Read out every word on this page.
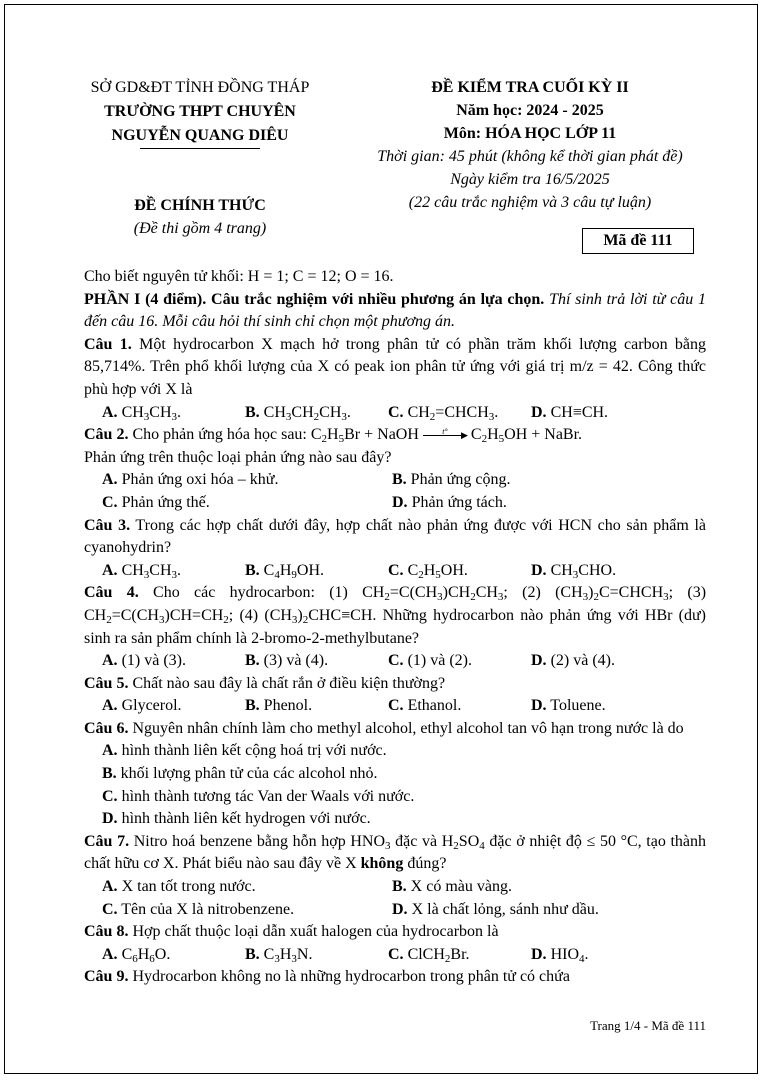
SỞ GD&ĐT TỈNH ĐỒNG THÁP
TRƯỜNG THPT CHUYÊN
NGUYỄN QUANG DIÊU
ĐỀ CHÍNH THỨC
(Đề thi gồm 4 trang)
ĐỀ KIỂM TRA CUỐI KỲ II
Năm học: 2024 - 2025
Môn: HÓA HỌC LỚP 11
Thời gian: 45 phút (không kể thời gian phát đề)
Ngày kiểm tra 16/5/2025
(22 câu trắc nghiệm và 3 câu tự luận)
Mã đề 111

Cho biết nguyên tử khối: H = 1; C = 12; O = 16.

PHẦN I (4 điểm). Câu trắc nghiệm với nhiều phương án lựa chọn. Thí sinh trả lời từ câu 1 đến câu 16. Mỗi câu hỏi thí sinh chỉ chọn một phương án.

Câu 1. Một hydrocarbon X mạch hở trong phân tử có phần trăm khối lượng carbon bằng 85,714%. Trên phổ khối lượng của X có peak ion phân tử ứng với giá trị m/z = 42. Công thức phù hợp với X là

A. $CH_3CH_3$.	B. $CH_3CH_2CH_3$.	C. $CH_2=CHCH_3$.	D. CH≡CH.

Câu 2. Cho phản ứng hóa học sau: $C_2H_5Br$ + NaOH	t°	▶ $C_2H_5OH$ + NaBr.

Phản ứng trên thuộc loại phản ứng nào sau đây?

A. Phản ứng oxi hóa – khử.	B. Phản ứng cộng.
C. Phản ứng thế.	D. Phản ứng tách.

Câu 3. Trong các hợp chất dưới đây, hợp chất nào phản ứng được với HCN cho sản phẩm là cyanohydrin?

A. $CH_3CH_3$.	B. $C_4H_9OH$.	C. $C_2H_5OH$.	D. $CH_3CHO$.

Câu 4. Cho các hydrocarbon: (1) $CH_2=C(CH_3)CH_2CH_3$; (2) $(CH_3)_2C=CHCH_3$; (3) $CH_2=C(CH_3)CH=CH_2$; (4) $(CH_3)_2CHC\equiv CH$. Những hydrocarbon nào phản ứng với HBr (dư) sinh ra sản phẩm chính là 2-bromo-2-methylbutane?

A. (1) và (3).	B. (3) và (4).	C. (1) và (2).	D. (2) và (4).

Câu 5. Chất nào sau đây là chất rắn ở điều kiện thường?

A. Glycerol.	B. Phenol.	C. Ethanol.	D. Toluene.

Câu 6. Nguyên nhân chính làm cho methyl alcohol, ethyl alcohol tan vô hạn trong nước là do

A. hình thành liên kết cộng hoá trị với nước.
B. khối lượng phân tử của các alcohol nhỏ.
C. hình thành tương tác Van der Waals với nước.
D. hình thành liên kết hydrogen với nước.

Câu 7. Nitro hoá benzene bằng hỗn hợp $HNO_3$ đặc và $H_2SO_4$ đặc ở nhiệt độ ≤ 50 °C, tạo thành chất hữu cơ X. Phát biểu nào sau đây về X không đúng?

A. X tan tốt trong nước.	B. X có màu vàng.
C. Tên của X là nitrobenzene.	D. X là chất lỏng, sánh như dầu.

Câu 8. Hợp chất thuộc loại dẫn xuất halogen của hydrocarbon là

A. $C_6H_6O$.	B. $C_3H_3N$.	C. ClCH$_2$Br.	D. $HIO_4$.

Câu 9. Hydrocarbon không no là những hydrocarbon trong phân tử có chứa

Trang 1/4 - Mã đề 111
